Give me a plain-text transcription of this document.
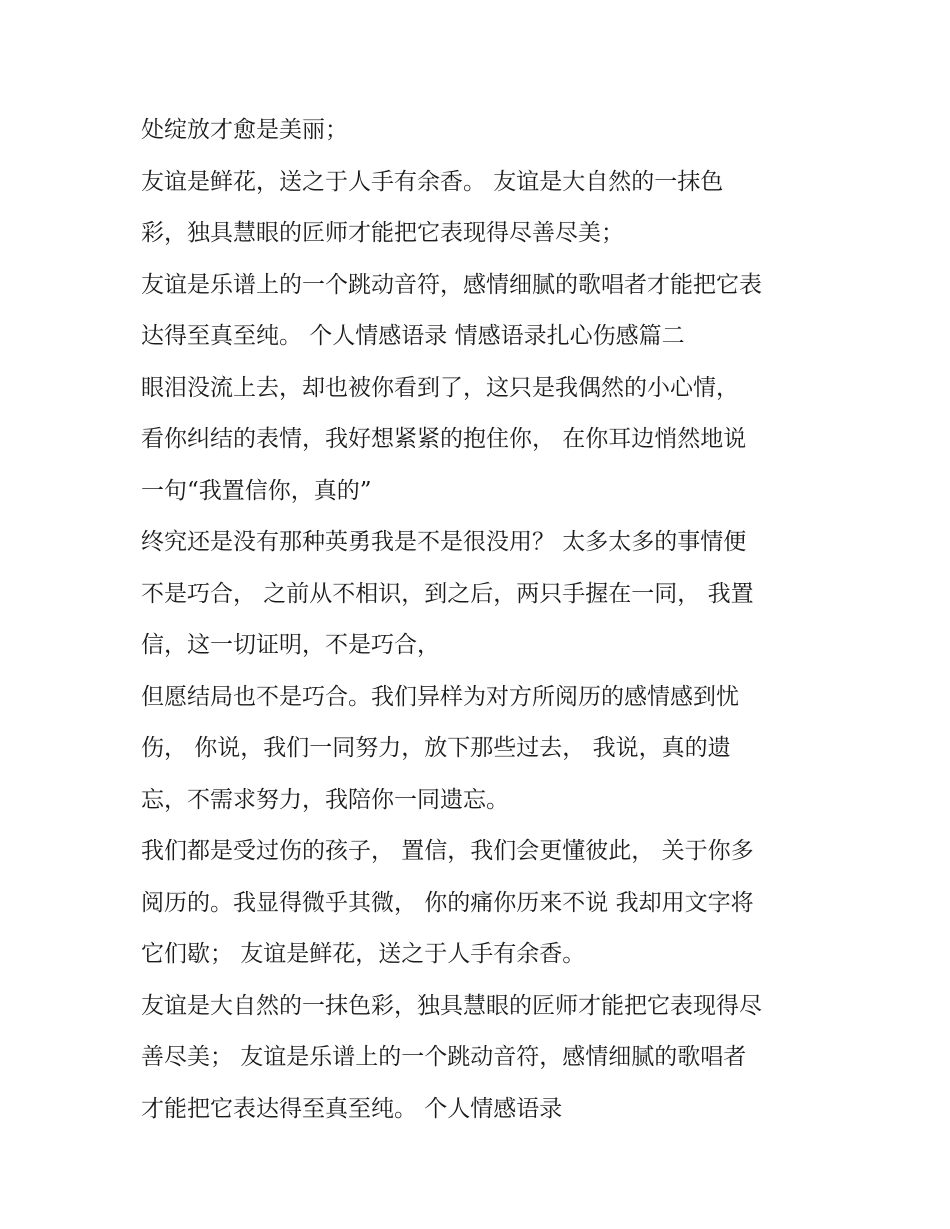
处绽放才愈是美丽；
友谊是鲜花，送之于人手有余香。 友谊是大自然的一抹色
彩，独具慧眼的匠师才能把它表现得尽善尽美；
友谊是乐谱上的一个跳动音符，感情细腻的歌唱者才能把它表
达得至真至纯。 个人情感语录 情感语录扎心伤感篇二
眼泪没流上去，却也被你看到了，这只是我偶然的小心情，
看你纠结的表情，我好想紧紧的抱住你， 在你耳边悄然地说
一句“我置信你，真的”
终究还是没有那种英勇我是不是很没用？ 太多太多的事情便
不是巧合， 之前从不相识，到之后，两只手握在一同， 我置
信，这一切证明，不是巧合，
但愿结局也不是巧合。我们异样为对方所阅历的感情感到忧
伤， 你说，我们一同努力，放下那些过去， 我说，真的遗
忘，不需求努力，我陪你一同遗忘。
我们都是受过伤的孩子， 置信，我们会更懂彼此， 关于你多
阅历的。我显得微乎其微， 你的痛你历来不说 我却用文字将
它们歇； 友谊是鲜花，送之于人手有余香。
友谊是大自然的一抹色彩，独具慧眼的匠师才能把它表现得尽
善尽美； 友谊是乐谱上的一个跳动音符，感情细腻的歌唱者
才能把它表达得至真至纯。 个人情感语录
